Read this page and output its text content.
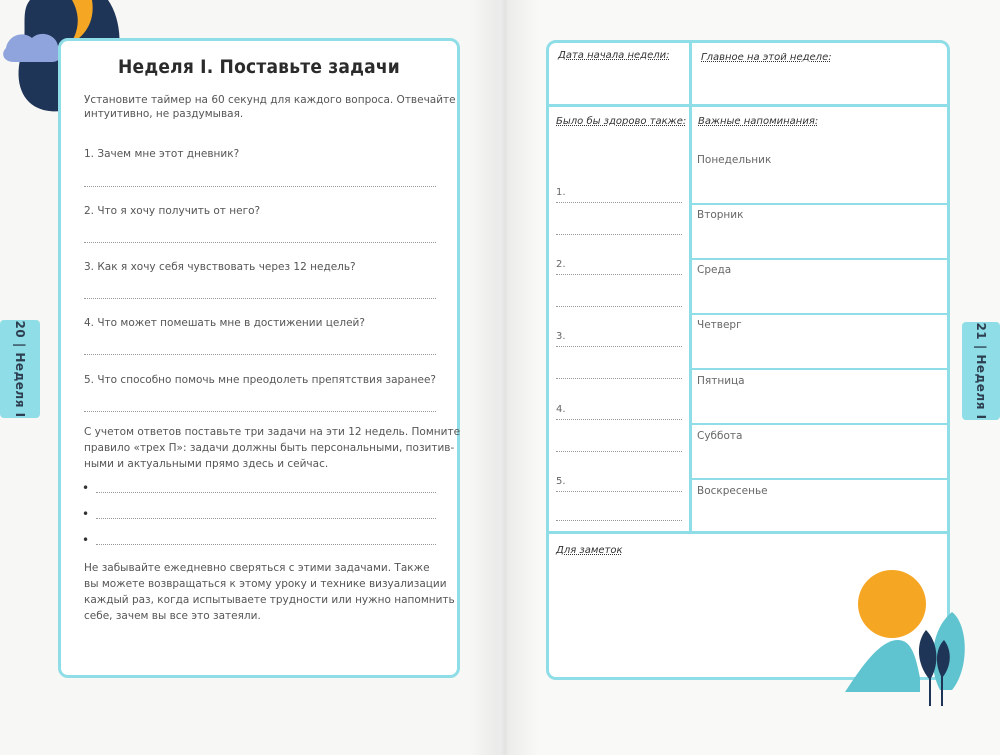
Неделя I. Поставьте задачи
Установите таймер на 60 секунд для каждого вопроса. Отвечайте
интуитивно, не раздумывая.
1. Зачем мне этот дневник?
2. Что я хочу получить от него?
3. Как я хочу себя чувствовать через 12 недель?
4. Что может помешать мне в достижении целей?
5. Что способно помочь мне преодолеть препятствия заранее?
С учетом ответов поставьте три задачи на эти 12 недель. Помните
правило «трех П»: задачи должны быть персональными, позитив-
ными и актуальными прямо здесь и сейчас.
•
•
•
Не забывайте ежедневно сверяться с этими задачами. Также
вы можете возвращаться к этому уроку и технике визуализации
каждый раз, когда испытываете трудности или нужно напомнить
себе, зачем вы все это затеяли.
20 | Неделя I
Дата начала недели:	Главное на этой неделе:
Было бы здорово также: Важные напоминания:
1.
2.
3.
4.
5.
Понедельник
Вторник
Среда
Четверг
Пятница
Суббота
Воскресенье
Для заметок
21 | Неделя I
